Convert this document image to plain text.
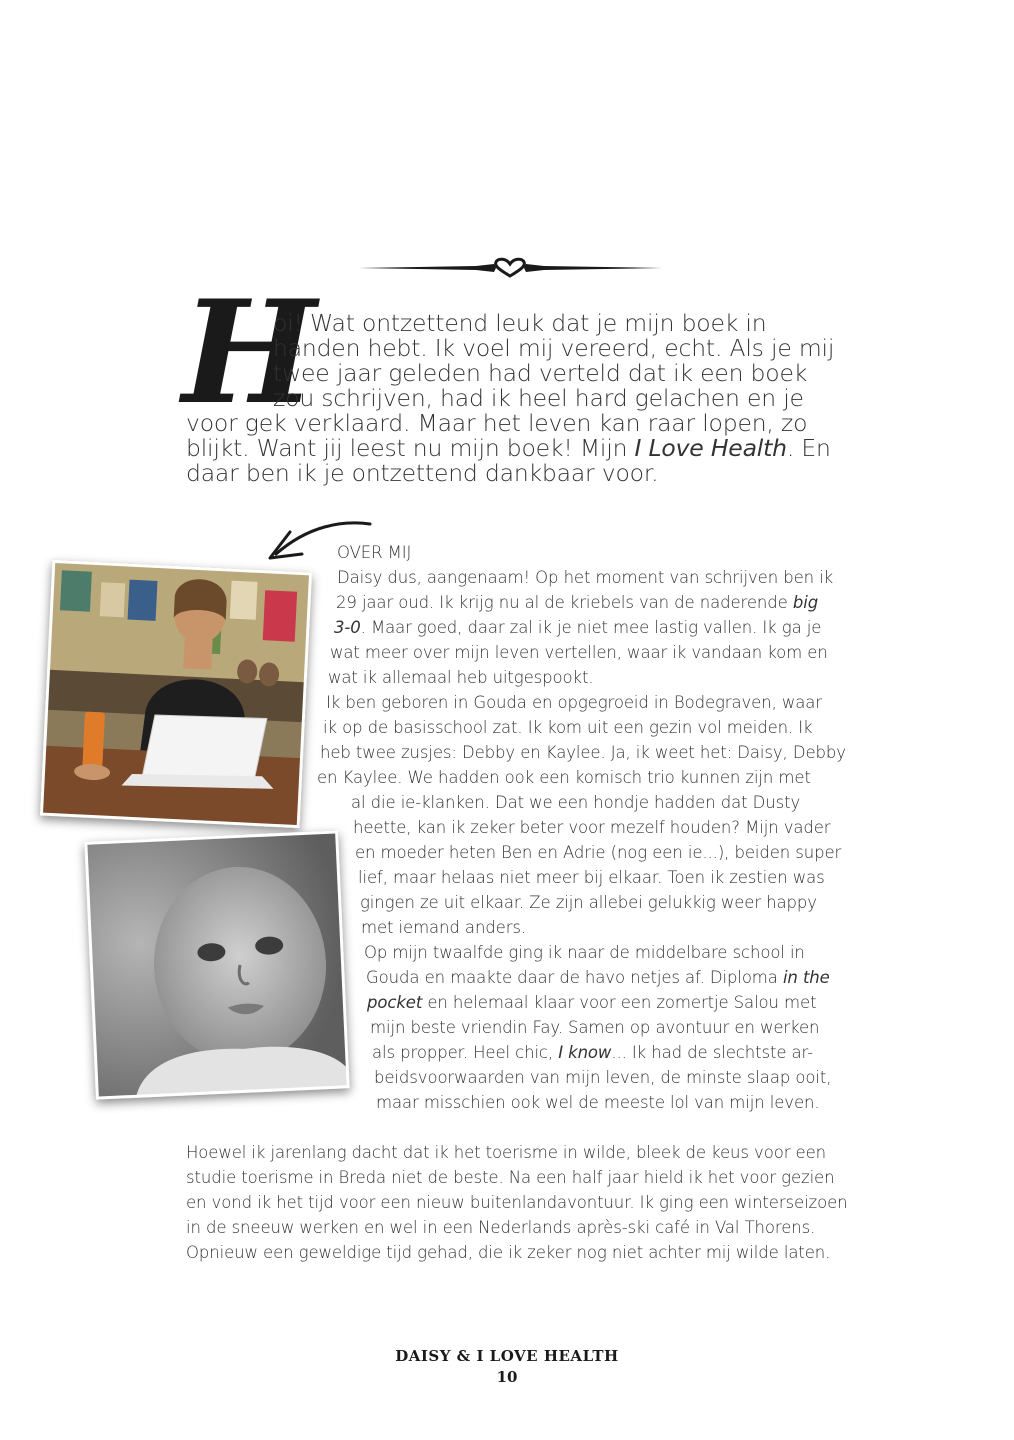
H
oi! Wat ontzettend leuk dat je mijn boek in
handen hebt. Ik voel mij vereerd, echt. Als je mij
twee jaar geleden had verteld dat ik een boek
zou schrijven, had ik heel hard gelachen en je
voor gek verklaard. Maar het leven kan raar lopen, zo
blijkt. Want jij leest nu mijn boek! Mijn I Love Health. En
daar ben ik je ontzettend dankbaar voor.
OVER MIJ
Daisy dus, aangenaam! Op het moment van schrijven ben ik
29 jaar oud. Ik krijg nu al de kriebels van de naderende big
3-0. Maar goed, daar zal ik je niet mee lastig vallen. Ik ga je
wat meer over mijn leven vertellen, waar ik vandaan kom en
wat ik allemaal heb uitgespookt.
Ik ben geboren in Gouda en opgegroeid in Bodegraven, waar
ik op de basisschool zat. Ik kom uit een gezin vol meiden. Ik
heb twee zusjes: Debby en Kaylee. Ja, ik weet het: Daisy, Debby
en Kaylee. We hadden ook een komisch trio kunnen zijn met
al die ie-klanken. Dat we een hondje hadden dat Dusty
heette, kan ik zeker beter voor mezelf houden? Mijn vader
en moeder heten Ben en Adrie (nog een ie...), beiden super
lief, maar helaas niet meer bij elkaar. Toen ik zestien was
gingen ze uit elkaar. Ze zijn allebei gelukkig weer happy
met iemand anders.
Op mijn twaalfde ging ik naar de middelbare school in
Gouda en maakte daar de havo netjes af. Diploma in the
pocket en helemaal klaar voor een zomertje Salou met
mijn beste vriendin Fay. Samen op avontuur en werken
als propper. Heel chic, I know... Ik had de slechtste ar-
beidsvoorwaarden van mijn leven, de minste slaap ooit,
maar misschien ook wel de meeste lol van mijn leven.
Hoewel ik jarenlang dacht dat ik het toerisme in wilde, bleek de keus voor een
studie toerisme in Breda niet de beste. Na een half jaar hield ik het voor gezien
en vond ik het tijd voor een nieuw buitenlandavontuur. Ik ging een winterseizoen
in de sneeuw werken en wel in een Nederlands après-ski café in Val Thorens.
Opnieuw een geweldige tijd gehad, die ik zeker nog niet achter mij wilde laten.
DAISY & I LOVE HEALTH
10
